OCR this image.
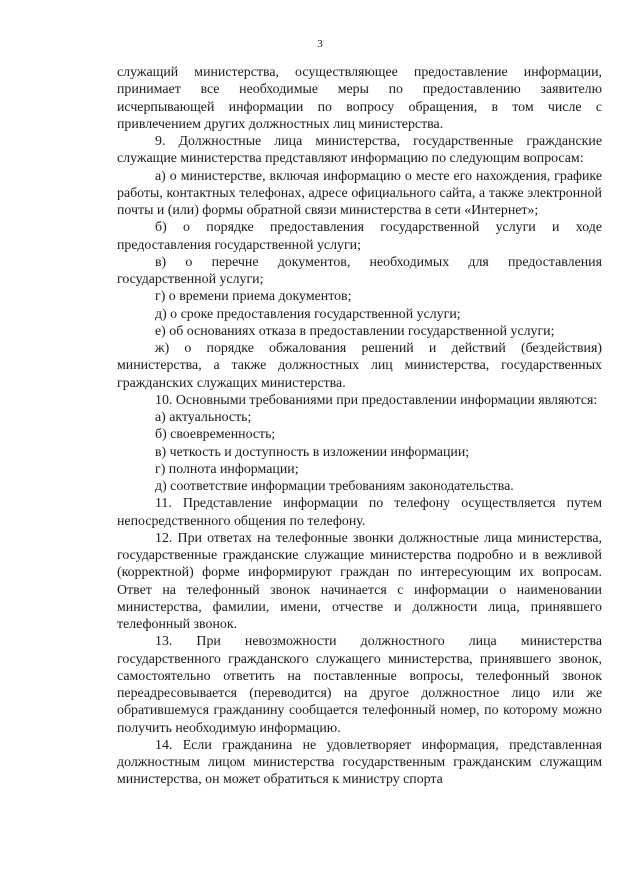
3

служащий министерства, осуществляющее предоставление информации, принимает все необходимые меры по предоставлению заявителю исчерпывающей информации по вопросу обращения, в том числе с привлечением других должностных лиц министерства.

9. Должностные лица министерства, государственные гражданские служащие министерства представляют информацию по следующим вопросам:

а) о министерстве, включая информацию о месте его нахождения, графике работы, контактных телефонах, адресе официального сайта, а также электронной почты и (или) формы обратной связи министерства в сети «Интернет»;

б) о порядке предоставления государственной услуги и ходе предоставления государственной услуги;

в) о перечне документов, необходимых для предоставления государственной услуги;

г) о времени приема документов;

д) о сроке предоставления государственной услуги;

е) об основаниях отказа в предоставлении государственной услуги;

ж) о порядке обжалования решений и действий (бездействия) министерства, а также должностных лиц министерства, государственных гражданских служащих министерства.

10. Основными требованиями при предоставлении информации являются:

а) актуальность;

б) своевременность;

в) четкость и доступность в изложении информации;

г) полнота информации;

д) соответствие информации требованиям законодательства.

11. Представление информации по телефону осуществляется путем непосредственного общения по телефону.

12. При ответах на телефонные звонки должностные лица министерства, государственные гражданские служащие министерства подробно и в вежливой (корректной) форме информируют граждан по интересующим их вопросам. Ответ на телефонный звонок начинается с информации о наименовании министерства, фамилии, имени, отчестве и должности лица, принявшего телефонный звонок.

13. При невозможности должностного лица министерства государственного гражданского служащего министерства, принявшего звонок, самостоятельно ответить на поставленные вопросы, телефонный звонок переадресовывается (переводится) на другое должностное лицо или же обратившемуся гражданину сообщается телефонный номер, по которому можно получить необходимую информацию.

14. Если гражданина не удовлетворяет информация, представленная должностным лицом министерства государственным гражданским служащим министерства, он может обратиться к министру спорта
